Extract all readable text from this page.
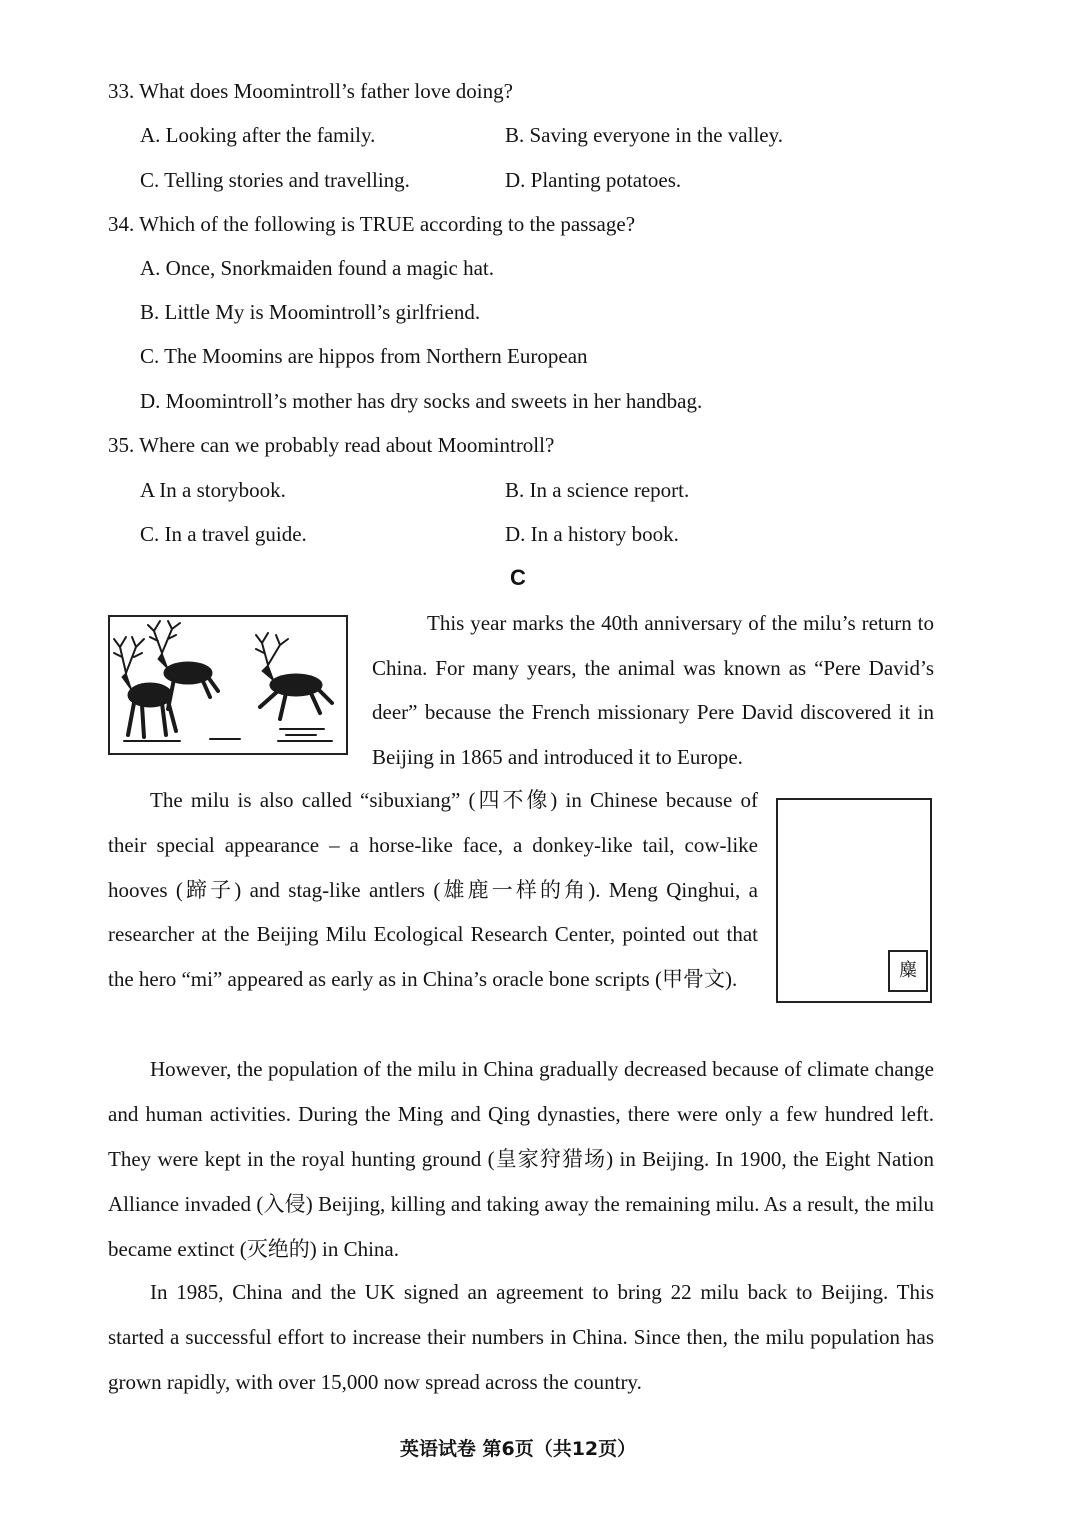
33. What does Moomintroll’s father love doing?
A. Looking after the family.	B. Saving everyone in the valley.
C. Telling stories and travelling.	D. Planting potatoes.
34. Which of the following is TRUE according to the passage?
A. Once, Snorkmaiden found a magic hat.
B. Little My is Moomintroll’s girlfriend.
C. The Moomins are hippos from Northern European
D. Moomintroll’s mother has dry socks and sweets in her handbag.
35. Where can we probably read about Moomintroll?
A In a storybook.	B. In a science report.
C. In a travel guide.	D. In a history book.
C

This year marks the 40th anniversary of the milu’s return to China. For many years, the animal was known as “Pere David’s deer” because the French missionary Pere David discovered it in Beijing in 1865 and introduced it to Europe.

The milu is also called “sibuxiang” (四不像) in Chinese because of their special appearance – a horse-like face, a donkey-like tail, cow-like hooves (蹄子) and stag-like antlers (雄鹿一样的角). Meng Qinghui, a researcher at the Beijing Milu Ecological Research Center, pointed out that the hero “mi” appeared as early as in China’s oracle bone scripts (甲骨文).	麋

However, the population of the milu in China gradually decreased because of climate change and human activities. During the Ming and Qing dynasties, there were only a few hundred left. They were kept in the royal hunting ground (皇家狩猎场) in Beijing. In 1900, the Eight Nation Alliance invaded (入侵) Beijing, killing and taking away the remaining milu. As a result, the milu became extinct (灭绝的) in China.

In 1985, China and the UK signed an agreement to bring 22 milu back to Beijing. This started a successful effort to increase their numbers in China. Since then, the milu population has grown rapidly, with over 15,000 now spread across the country.

英语试卷 第6页（共12页）
